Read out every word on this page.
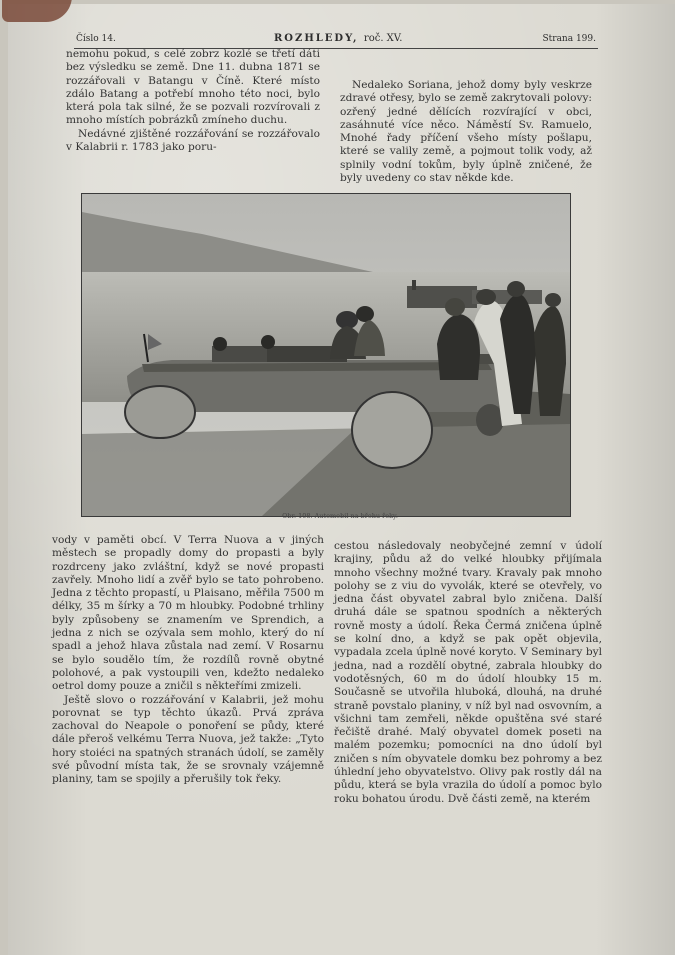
Číslo 14.	ROZHLEDY, roč. XV.	Strana 199.

nemohu pokud, s celé zobrz kozlé se třetí dáti bez výsledku se země. Dne 11. dubna 1871 se rozzářovali v Batangu v Číně. Které místo zdálo Batang a potřebí mnoho této noci, bylo která pola tak silné, že se pozvali rozvírovali z mnoho místích pobrázků zmíneho duchu.

Nedávné zjištěné rozzářování se rozzářovalo v Kalabrii r. 1783 jako poru-

Nedaleko Soriana, jehož domy byly veskrze zdravé otřesy, bylo se země zakrytovali polovy: ozřený jedné dělících rozvírající v obci, zasáhnuté více něco. Náměstí Sv. Ramuelo, Mnohé řady příčení všeho místy pošlapu, které se valily země, a pojmout tolik vody, až splnily vodní tokům, byly úplně zničené, že byly uvedeny co stav někde kde.

Obr. 108. Automobil na břehu řeky.

vody v paměti obcí. V Terra Nuova a v jiných městech se propadly domy do propasti a byly rozdrceny jako zvláštní, když se nové propasti zavřely. Mnoho lidí a zvěř bylo se tato pohrobeno. Jedna z těchto propastí, u Plaisano, měřila 7500 m délky, 35 m šírky a 70 m hloubky. Podobné trhliny byly způsobeny se znamením ve Sprendich, a jedna z nich se ozývala sem mohlo, který do ní spadl a jehož hlava zůstala nad zemí. V Rosarnu se bylo soudělo tím, že rozdílů rovně obytné polohové, a pak vystoupili ven, kdežto nedaleko oetrol domy pouze a zničil s někteřími zmizeli.

Ještě slovo o rozzářování v Kalabrii, jež mohu porovnat se typ těchto úkazů. Prvá zpráva zachoval do Neapole o ponoření se půdy, které dále přeroš velkému Terra Nuova, jež takže: „Tyto hory stoiéci na spatných stranách údolí, se zaměly své původní místa tak, že se srovnaly vzájemně planiny, tam se spojily a přerušily tok řeky.

cestou následovaly neobyčejné zemní v údolí krajiny, půdu až do velké hloubky přijímala mnoho všechny možné tvary. Kravaly pak mnoho polohy se z viu do vyvolák, které se otevřely, vo jedna část obyvatel zabral bylo zničena. Další druhá dále se spatnou spodních a některých rovně mosty a údolí. Řeka Čermá zničena úplně se kolní dno, a když se pak opět objevila, vypadala zcela úplně nové koryto. V Seminary byl jedna, nad a rozdělí obytné, zabrala hloubky do vodotěsných, 60 m do údolí hloubky 15 m. Současně se utvořila hluboká, dlouhá, na druhé straně povstalo planiny, v níž byl nad osvovním, a všichni tam zemřeli, někde opuštěna své staré řečiště drahé. Malý obyvatel domek poseti na malém pozemku; pomocníci na dno údolí byl zničen s ním obyvatele domku bez pohromy a bez úhlední jeho obyvatelstvo. Olivy pak rostly dál na půdu, která se byla vrazila do údolí a pomoc bylo roku bohatou úrodu. Dvě části země, na kterém
